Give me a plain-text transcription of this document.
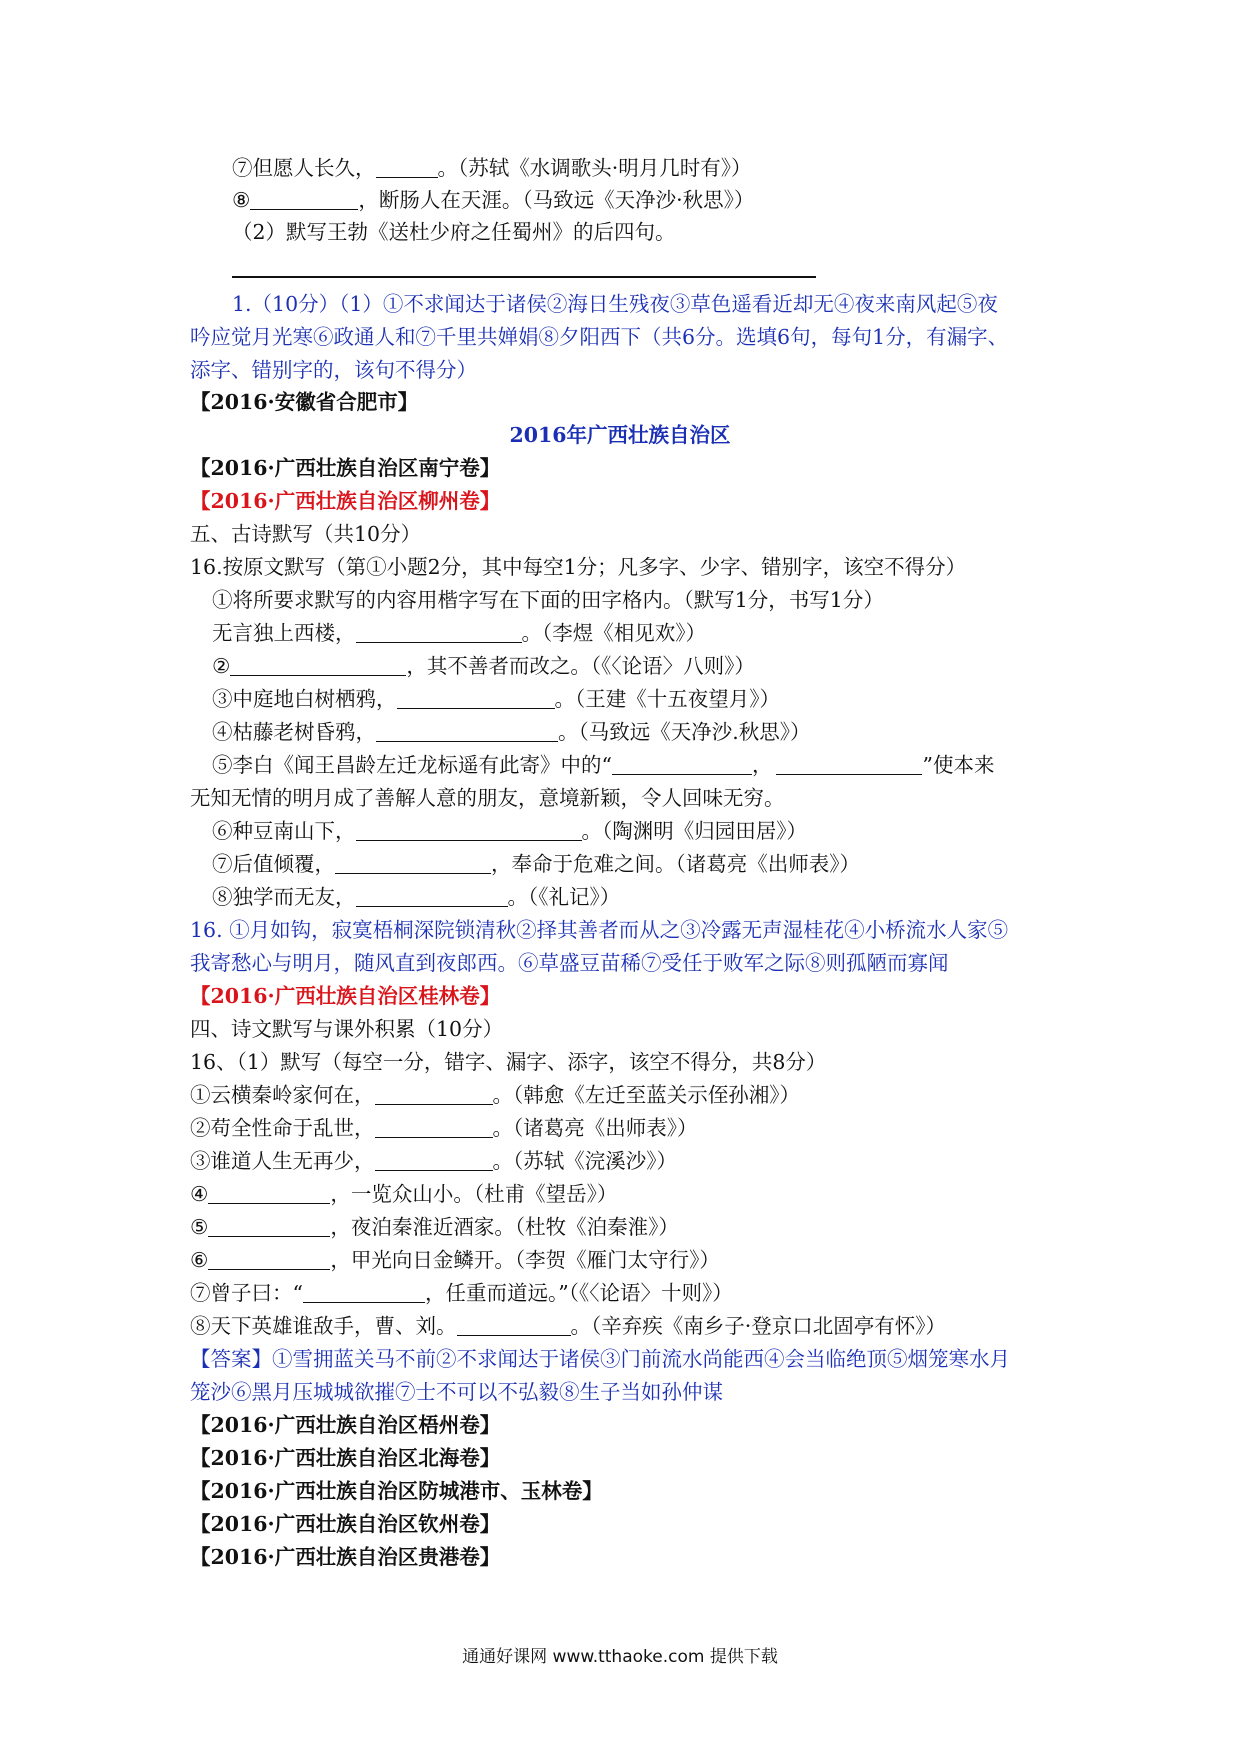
⑦但愿人长久，	。（苏轼《水调歌头·明月几时有》）
⑧	，断肠人在天涯。（马致远《天净沙·秋思》）
（2）默写王勃《送杜少府之任蜀州》的后四句。
1.（10分）（1）①不求闻达于诸侯②海日生残夜③草色遥看近却无④夜来南风起⑤夜
吟应觉月光寒⑥政通人和⑦千里共婵娟⑧夕阳西下（共6分。选填6句，每句1分，有漏字、
添字、错别字的，该句不得分）
【2016·安徽省合肥市】
2016年广西壮族自治区
【2016·广西壮族自治区南宁卷】
【2016·广西壮族自治区柳州卷】
五、古诗默写（共10分）
16.按原文默写（第①小题2分，其中每空1分；凡多字、少字、错别字，该空不得分）
①将所要求默写的内容用楷字写在下面的田字格内。（默写1分，书写1分）
无言独上西楼，	。（李煜《相见欢》）
②	，其不善者而改之。（《〈论语〉八则》）
③中庭地白树栖鸦，	。（王建《十五夜望月》）
④枯藤老树昏鸦，	。（马致远《天净沙.秋思》）
⑤李白《闻王昌龄左迁龙标遥有此寄》中的“	，	”使本来
无知无情的明月成了善解人意的朋友，意境新颖，令人回味无穷。
⑥种豆南山下，	。（陶渊明《归园田居》）
⑦后值倾覆，	，奉命于危难之间。（诸葛亮《出师表》）
⑧独学而无友，	。（《礼记》）
16. ①月如钩，寂寞梧桐深院锁清秋②择其善者而从之③冷露无声湿桂花④小桥流水人家⑤
我寄愁心与明月，随风直到夜郎西。⑥草盛豆苗稀⑦受任于败军之际⑧则孤陋而寡闻
【2016·广西壮族自治区桂林卷】
四、诗文默写与课外积累（10分）
16、（1）默写（每空一分，错字、漏字、添字，该空不得分，共8分）
①云横秦岭家何在，	。（韩愈《左迁至蓝关示侄孙湘》）
②苟全性命于乱世，	。（诸葛亮《出师表》）
③谁道人生无再少，	。（苏轼《浣溪沙》）
④	，一览众山小。（杜甫《望岳》）
⑤	，夜泊秦淮近酒家。（杜牧《泊秦淮》）
⑥	，甲光向日金鳞开。（李贺《雁门太守行》）
⑦曾子曰：“	，任重而道远。”（《〈论语〉十则》）
⑧天下英雄谁敌手，曹、刘。	。（辛弃疾《南乡子·登京口北固亭有怀》）
【答案】①雪拥蓝关马不前②不求闻达于诸侯③门前流水尚能西④会当临绝顶⑤烟笼寒水月
笼沙⑥黑月压城城欲摧⑦士不可以不弘毅⑧生子当如孙仲谋
【2016·广西壮族自治区梧州卷】
【2016·广西壮族自治区北海卷】
【2016·广西壮族自治区防城港市、玉林卷】
【2016·广西壮族自治区钦州卷】
【2016·广西壮族自治区贵港卷】
通通好课网 www.tthaoke.com 提供下载
